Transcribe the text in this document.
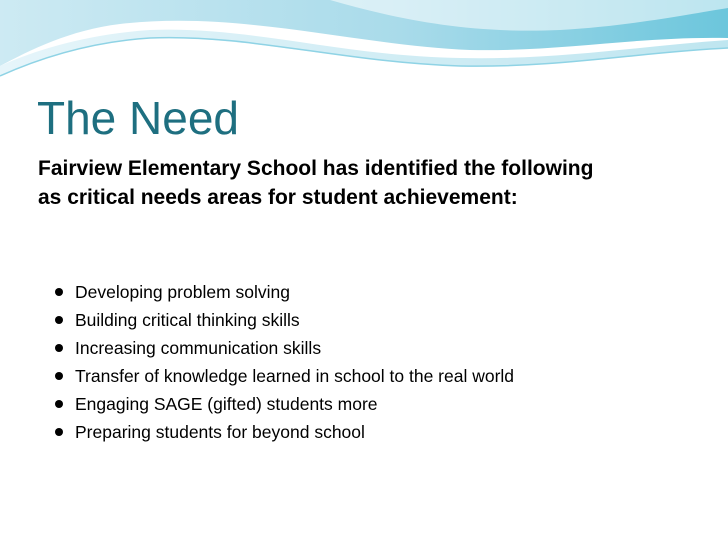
The Need

Fairview Elementary School has identified the following as critical needs areas for student achievement:

Developing problem solving
Building critical thinking skills
Increasing communication skills
Transfer of knowledge learned in school to the real world
Engaging SAGE (gifted) students more
Preparing students for beyond school
